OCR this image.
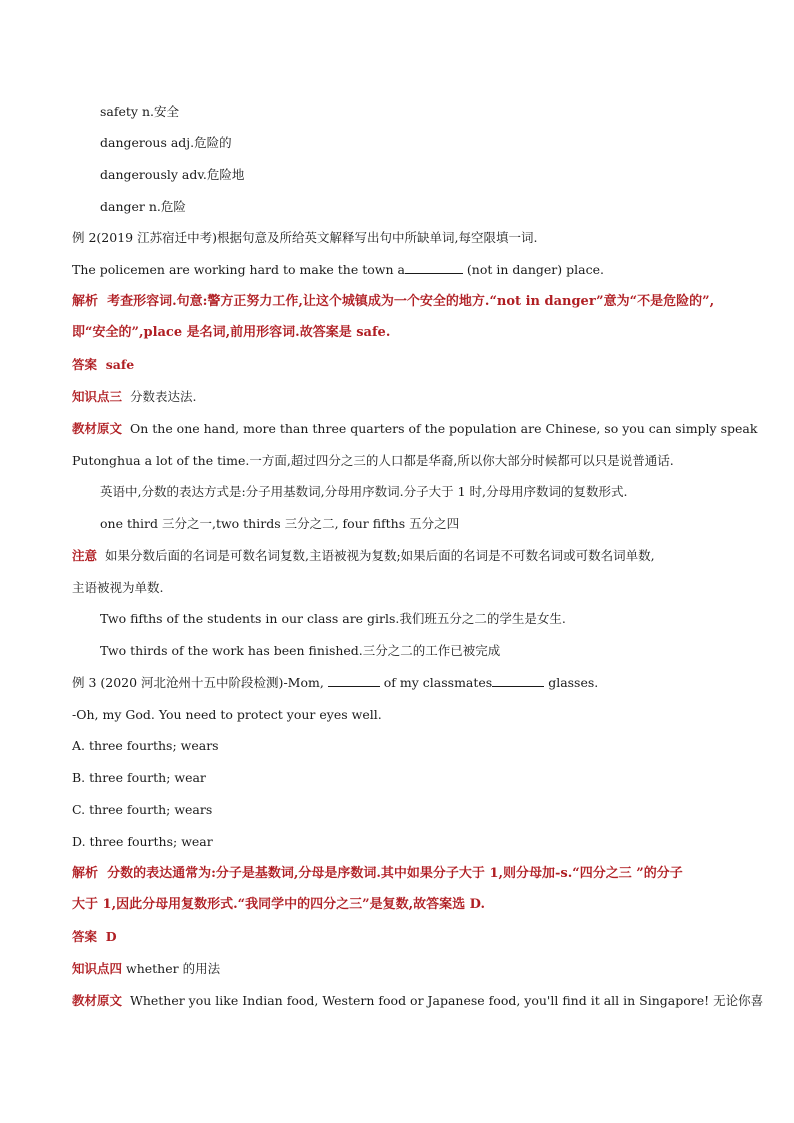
safety n.安全
dangerous adj.危险的
dangerously adv.危险地
danger n.危险
例 2(2019 江苏宿迁中考)根据句意及所给英文解释写出句中所缺单词,每空限填一词.
The policemen are working hard to make the town a	(not in danger) place.
解析 考查形容词.句意:警方正努力工作,让这个城镇成为一个安全的地方.“not in danger”意为“不是危险的”,
即“安全的”,place 是名词,前用形容词.故答案是 safe.
答案 safe
知识点三 分数表达法.
教材原文 On the one hand, more than three quarters of the population are Chinese, so you can simply speak
Putonghua a lot of the time.一方面,超过四分之三的人口都是华裔,所以你大部分时候都可以只是说普通话.
英语中,分数的表达方式是:分子用基数词,分母用序数词.分子大于 1 时,分母用序数词的复数形式.
one third 三分之一,two thirds 三分之二, four fifths 五分之四
注意 如果分数后面的名词是可数名词复数,主语被视为复数;如果后面的名词是不可数名词或可数名词单数,
主语被视为单数.
Two fifths of the students in our class are girls.我们班五分之二的学生是女生.
Two thirds of the work has been finished.三分之二的工作已被完成
例 3 (2020 河北沧州十五中阶段检测)-Mom,	of my classmates	glasses.
-Oh, my God. You need to protect your eyes well.
A. three fourths; wears
B. three fourth; wear
C. three fourth; wears
D. three fourths; wear
解析 分数的表达通常为:分子是基数词,分母是序数词.其中如果分子大于 1,则分母加-s.“四分之三 ”的分子
大于 1,因此分母用复数形式.“我同学中的四分之三”是复数,故答案选 D.
答案 D
知识点四 whether 的用法
教材原文 Whether you like Indian food, Western food or Japanese food, you'll find it all in Singapore! 无论你喜
